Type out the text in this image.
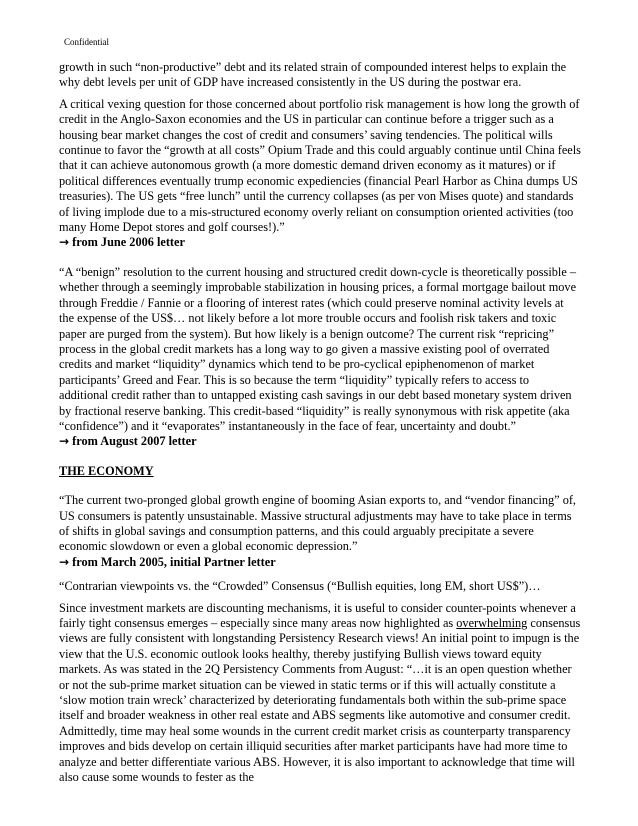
Confidential

growth in such “non-productive” debt and its related strain of compounded interest helps to explain the why debt levels per unit of GDP have increased consistently in the US during the postwar era.

A critical vexing question for those concerned about portfolio risk management is how long the growth of credit in the Anglo-Saxon economies and the US in particular can continue before a trigger such as a housing bear market changes the cost of credit and consumers’ saving tendencies. The political wills continue to favor the “growth at all costs” Opium Trade and this could arguably continue until China feels that it can achieve autonomous growth (a more domestic demand driven economy as it matures) or if political differences eventually trump economic expediencies (financial Pearl Harbor as China dumps US treasuries). The US gets “free lunch” until the currency collapses (as per von Mises quote) and standards of living implode due to a mis-structured economy overly reliant on consumption oriented activities (too many Home Depot stores and golf courses!).”

→ from June 2006 letter

“A “benign” resolution to the current housing and structured credit down-cycle is theoretically possible – whether through a seemingly improbable stabilization in housing prices, a formal mortgage bailout move through Freddie / Fannie or a flooring of interest rates (which could preserve nominal activity levels at the expense of the US$… not likely before a lot more trouble occurs and foolish risk takers and toxic paper are purged from the system). But how likely is a benign outcome? The current risk “repricing” process in the global credit markets has a long way to go given a massive existing pool of overrated credits and market “liquidity” dynamics which tend to be pro-cyclical epiphenomenon of market participants’ Greed and Fear. This is so because the term “liquidity” typically refers to access to additional credit rather than to untapped existing cash savings in our debt based monetary system driven by fractional reserve banking. This credit-based “liquidity” is really synonymous with risk appetite (aka “confidence”) and it “evaporates” instantaneously in the face of fear, uncertainty and doubt.”

→ from August 2007 letter

THE ECONOMY

“The current two-pronged global growth engine of booming Asian exports to, and “vendor financing” of, US consumers is patently unsustainable. Massive structural adjustments may have to take place in terms of shifts in global savings and consumption patterns, and this could arguably precipitate a severe economic slowdown or even a global economic depression.”

→ from March 2005, initial Partner letter

“Contrarian viewpoints vs. the “Crowded” Consensus (“Bullish equities, long EM, short US$”)…

Since investment markets are discounting mechanisms, it is useful to consider counter-points whenever a fairly tight consensus emerges – especially since many areas now highlighted as overwhelming consensus views are fully consistent with longstanding Persistency Research views! An initial point to impugn is the view that the U.S. economic outlook looks healthy, thereby justifying Bullish views toward equity markets. As was stated in the 2Q Persistency Comments from August: “…it is an open question whether or not the sub-prime market situation can be viewed in static terms or if this will actually constitute a ‘slow motion train wreck’ characterized by deteriorating fundamentals both within the sub-prime space itself and broader weakness in other real estate and ABS segments like automotive and consumer credit. Admittedly, time may heal some wounds in the current credit market crisis as counterparty transparency improves and bids develop on certain illiquid securities after market participants have had more time to analyze and better differentiate various ABS. However, it is also important to acknowledge that time will also cause some wounds to fester as the
